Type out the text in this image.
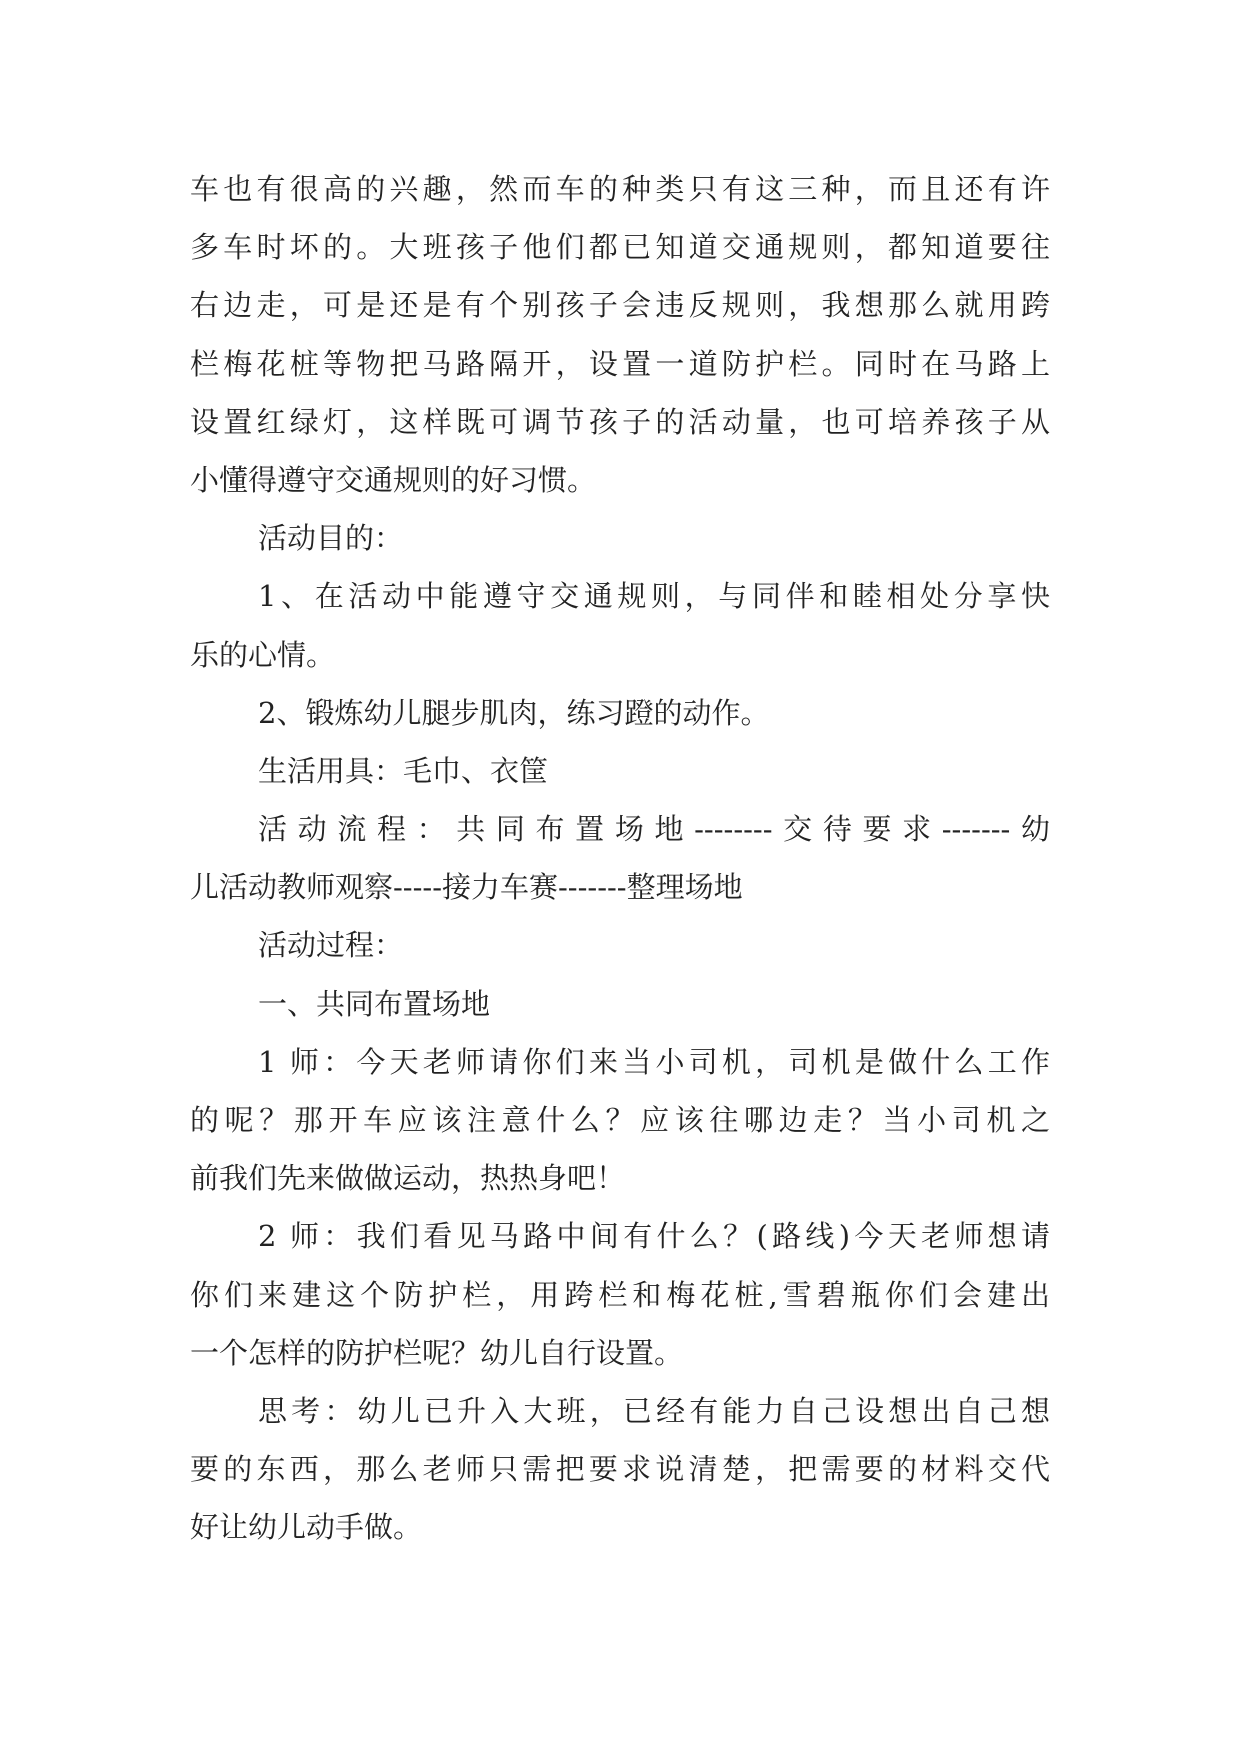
车也有很高的兴趣，然而车的种类只有这三种，而且还有许
多车时坏的。大班孩子他们都已知道交通规则，都知道要往
右边走，可是还是有个别孩子会违反规则，我想那么就用跨
栏梅花桩等物把马路隔开，设置一道防护栏。同时在马路上
设置红绿灯，这样既可调节孩子的活动量，也可培养孩子从
小懂得遵守交通规则的好习惯。
活动目的：
1、在活动中能遵守交通规则，与同伴和睦相处分享快
乐的心情。
2、锻炼幼儿腿步肌肉，练习蹬的动作。
生活用具：毛巾、衣筐
活动流程：共同布置场地--------交待要求-------幼
儿活动教师观察-----接力车赛-------整理场地
活动过程：
一、共同布置场地
1 师：今天老师请你们来当小司机，司机是做什么工作
的呢？那开车应该注意什么？应该往哪边走？当小司机之
前我们先来做做运动，热热身吧！
2 师：我们看见马路中间有什么？(路线)今天老师想请
你们来建这个防护栏，用跨栏和梅花桩,雪碧瓶你们会建出
一个怎样的防护栏呢？幼儿自行设置。
思考：幼儿已升入大班，已经有能力自己设想出自己想
要的东西，那么老师只需把要求说清楚，把需要的材料交代
好让幼儿动手做。
